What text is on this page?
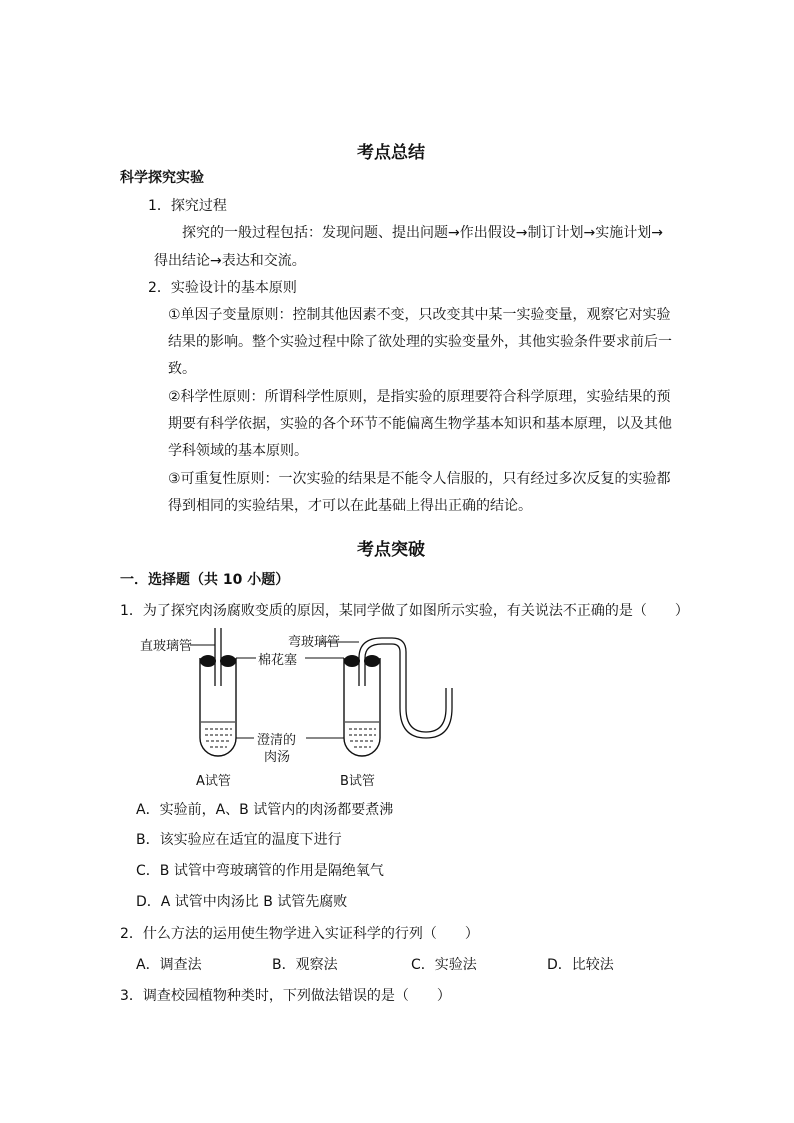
考点总结
科学探究实验
1．探究过程
探究的一般过程包括：发现问题、提出问题→作出假设→制订计划→实施计划→
得出结论→表达和交流。
2．实验设计的基本原则
①单因子变量原则：控制其他因素不变，只改变其中某一实验变量，观察它对实验
结果的影响。整个实验过程中除了欲处理的实验变量外，其他实验条件要求前后一
致。
②科学性原则：所谓科学性原则，是指实验的原理要符合科学原理，实验结果的预
期要有科学依据，实验的各个环节不能偏离生物学基本知识和基本原理，以及其他
学科领域的基本原则。
③可重复性原则：一次实验的结果是不能令人信服的，只有经过多次反复的实验都
得到相同的实验结果，才可以在此基础上得出正确的结论。
考点突破
一．选择题（共 10 小题）
1．为了探究肉汤腐败变质的原因，某同学做了如图所示实验，有关说法不正确的是（　　）
直玻璃管	弯玻璃管
棉花塞
澄清的
肉汤
A试管	B试管
A．实验前，A、B 试管内的肉汤都要煮沸
B．该实验应在适宜的温度下进行
C．B 试管中弯玻璃管的作用是隔绝氧气
D．A 试管中肉汤比 B 试管先腐败
2．什么方法的运用使生物学进入实证科学的行列（　　）
A．调查法	B．观察法	C．实验法	D．比较法
3．调查校园植物种类时，下列做法错误的是（　　）
